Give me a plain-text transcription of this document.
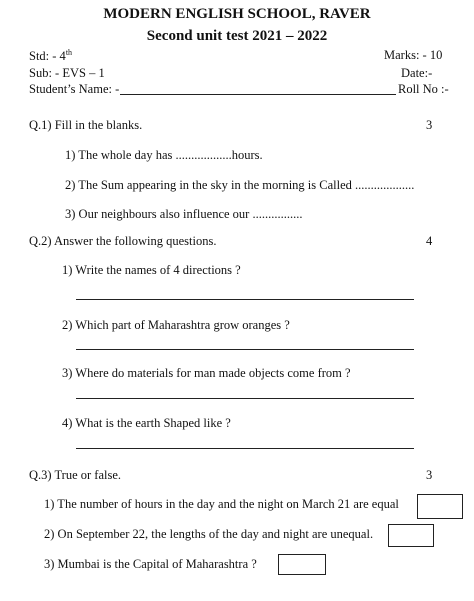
MODERN ENGLISH SCHOOL, RAVER
Second unit test 2021 – 2022
Std: - 4th	Marks: - 10
Sub: - EVS – 1	Date:-
Student’s Name: -	Roll No :-
Q.1) Fill in the blanks.	3
1) The whole day has ..................hours.
2) The Sum appearing in the sky in the morning is Called ...................
3) Our neighbours also influence our ................
Q.2) Answer the following questions.	4
1) Write the names of 4 directions ?
2) Which part of Maharashtra grow oranges ?
3) Where do materials for man made objects come from ?
4) What is the earth Shaped like ?
Q.3) True or false.	3
1) The number of hours in the day and the night on March 21 are equal
2) On September 22, the lengths of the day and night are unequal.
3) Mumbai is the Capital of Maharashtra ?
